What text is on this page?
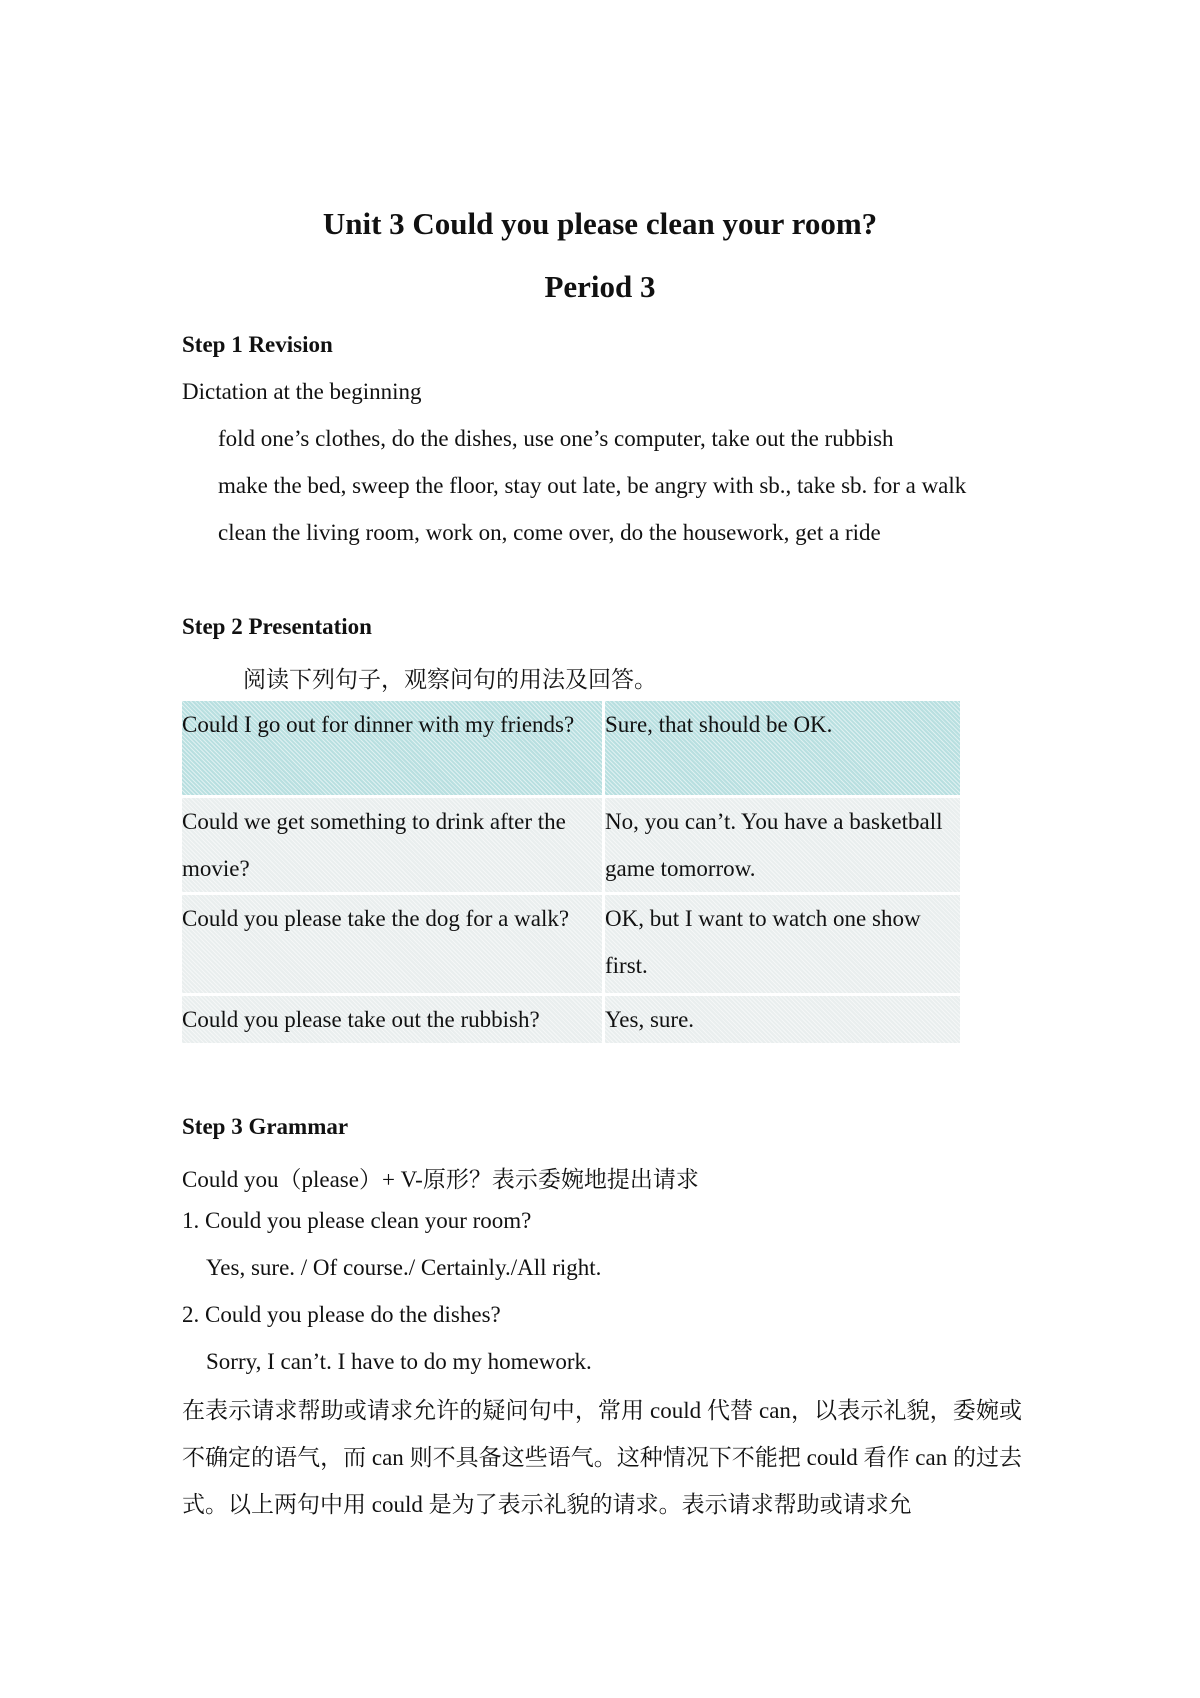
Unit 3 Could you please clean your room?
Period 3

Step 1 Revision

Dictation at the beginning

fold one’s clothes, do the dishes, use one’s computer, take out the rubbish

make the bed, sweep the floor, stay out late, be angry with sb., take sb. for a walk

clean the living room, work on, come over, do the housework, get a ride

Step 2 Presentation

阅读下列句子，观察问句的用法及回答。

Could I go out for dinner with my friends?	Sure, that should be OK.
Could we get something to drink after the movie?	No, you can’t. You have a basketball game tomorrow.
Could you please take the dog for a walk?	OK, but I want to watch one show first.
Could you please take out the rubbish?	Yes, sure.

Step 3 Grammar

Could you（please）+ V-原形？表示委婉地提出请求

1. Could you please clean your room?

Yes, sure. / Of course./ Certainly./All right.

2. Could you please do the dishes?

Sorry, I can’t. I have to do my homework.

在表示请求帮助或请求允许的疑问句中，常用 could 代替 can，以表示礼貌，委婉或不确定的语气，而 can 则不具备这些语气。这种情况下不能把 could 看作 can 的过去式。以上两句中用 could 是为了表示礼貌的请求。表示请求帮助或请求允
